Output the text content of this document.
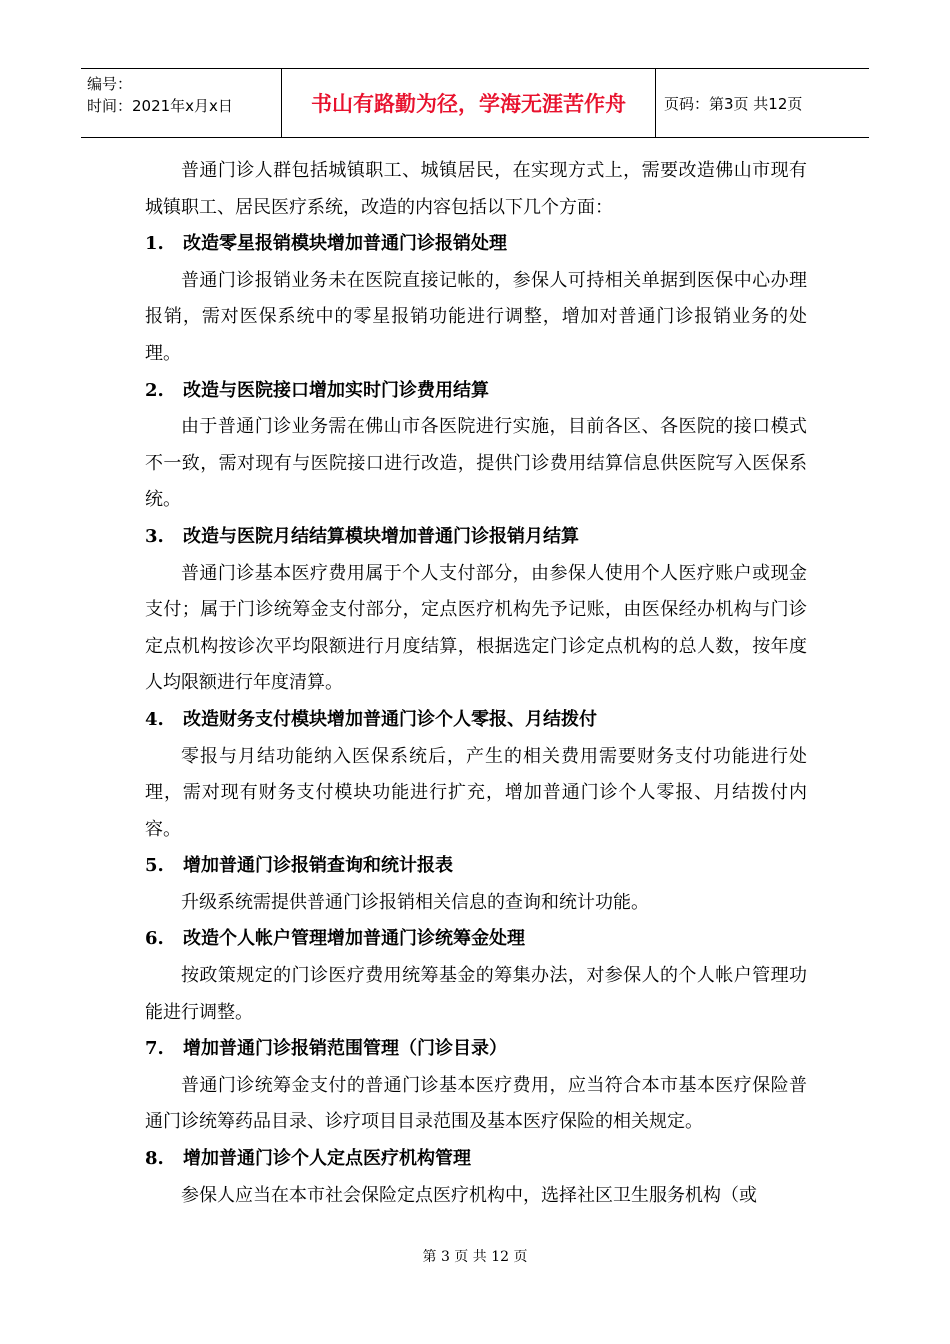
编号：
时间：2021年x月x日	书山有路勤为径，学海无涯苦作舟	页码：第3页 共12页

普通门诊人群包括城镇职工、城镇居民，在实现方式上，需要改造佛山市现有城镇职工、居民医疗系统，改造的内容包括以下几个方面：

1.	改造零星报销模块增加普通门诊报销处理

普通门诊报销业务未在医院直接记帐的，参保人可持相关单据到医保中心办理报销，需对医保系统中的零星报销功能进行调整，增加对普通门诊报销业务的处理。

2.	改造与医院接口增加实时门诊费用结算

由于普通门诊业务需在佛山市各医院进行实施，目前各区、各医院的接口模式不一致，需对现有与医院接口进行改造，提供门诊费用结算信息供医院写入医保系统。

3.	改造与医院月结结算模块增加普通门诊报销月结算

普通门诊基本医疗费用属于个人支付部分，由参保人使用个人医疗账户或现金支付；属于门诊统筹金支付部分，定点医疗机构先予记账，由医保经办机构与门诊定点机构按诊次平均限额进行月度结算，根据选定门诊定点机构的总人数，按年度人均限额进行年度清算。

4.	改造财务支付模块增加普通门诊个人零报、月结拨付

零报与月结功能纳入医保系统后，产生的相关费用需要财务支付功能进行处理，需对现有财务支付模块功能进行扩充，增加普通门诊个人零报、月结拨付内容。

5.	增加普通门诊报销查询和统计报表

升级系统需提供普通门诊报销相关信息的查询和统计功能。

6.	改造个人帐户管理增加普通门诊统筹金处理

按政策规定的门诊医疗费用统筹基金的筹集办法，对参保人的个人帐户管理功能进行调整。

7.	增加普通门诊报销范围管理（门诊目录）

普通门诊统筹金支付的普通门诊基本医疗费用，应当符合本市基本医疗保险普通门诊统筹药品目录、诊疗项目目录范围及基本医疗保险的相关规定。

8.	增加普通门诊个人定点医疗机构管理

参保人应当在本市社会保险定点医疗机构中，选择社区卫生服务机构（或

第 3 页 共 12 页
